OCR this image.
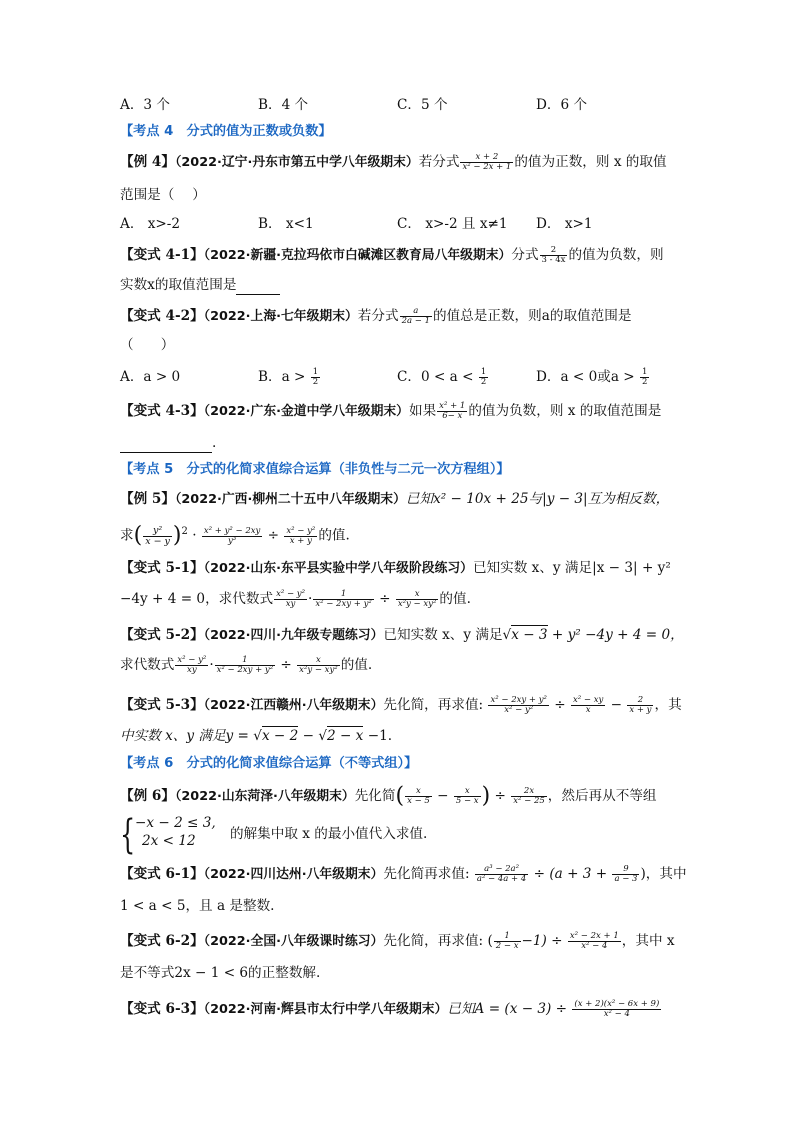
A．3 个	B．4 个	C．5 个	D．6 个
【考点 4　分式的值为正数或负数】
【例 4】（2022·辽宁·丹东市第五中学八年级期末）若分式 $\frac{x + 2}{\text{x² − 2x + 1}}$ 的值为正数，则 x 的取值
范围是（　 ）
A． x>-2	B． x<1	C． x>-2 且 x≠1 D． x>1
【变式 4-1】（2022·新疆·克拉玛依市白碱滩区教育局八年级期末）分式 $\frac{2}{3 - 4x}$ 的值为负数，则
实数x的取值范围是
【变式 4-2】（2022·上海·七年级期末）若分式 $\frac{a}{2a - 1}$ 的值总是正数，则a的取值范围是
（　　）
A．a > 0	B．$a > \frac{1}{2}$	C．$0 < a < \frac{1}{2}$	D．a < 0或$a > \frac{1}{2}$
【变式 4-3】（2022·广东·金道中学八年级期末）如果 $\frac{\text{x² + 1}}{6- x}$ 的值为负数，则 x 的取值范围是
.
【考点 5　分式的化简求值综合运算（非负性与二元一次方程组）】
【例 5】（2022·广西·柳州二十五中八年级期末）已知x² − 10x + 25与|y − 3|互为相反数，
求( $\frac{\text{y²}}{x - y} )^2 \cdot \frac{\text{x² + y² − 2xy}}{\text{y³}} \div \frac{\text{x² − y²}}{x + y}$ 的值.
【变式 5-1】（2022·山东·东平县实验中学八年级阶段练习）已知实数 x、y 满足|x − 3| + y²
−4y + 4 = 0，求代数式 $\frac{\text{x² − y²}}{xy} \cdot \frac{1}{\text{x² − 2xy + y²}} \div \frac{x}{\text{x²y − xy²}}$ 的值.
【变式 5-2】（2022·四川·九年级专题练习）已知实数 x、y 满足√x − 3 + y² −4y + 4 = 0，
求代数式 $\frac{\text{x² − y²}}{xy} \cdot \frac{1}{\text{x² − 2xy + y²}} \div \frac{x}{\text{x²y − xy²}}$ 的值.
【变式 5-3】（2022·江西赣州·八年级期末）先化简，再求值: $\frac{\text{x² − 2xy + y²}}{\text{x² − y²}} \div \frac{\text{x² − xy}}{x} - \frac{2}{x + y}$ ，其
中实数 x、y 满足y = √x − 2 − √2 − x −1.
【考点 6　分式的化简求值综合运算（不等式组）】
【例 6】（2022·山东菏泽·八年级期末）先化简( $\frac{x}{x - 5} - \frac{x}{5 - x}$ ) ÷ $\frac{2x}{\text{x² − 25}}$ ，然后再从不等组
{ −x − 2 ≤ 3,
2x < 12	的解集中取 x 的最小值代入求值.
【变式 6-1】（2022·四川达州·八年级期末）先化简再求值: $\frac{\text{a³ − 2a²}}{\text{a² − 4a + 4}} \div (a + 3 + \frac{9}{a - 3}$ )，其中
1 < a < 5，且 a 是整数.
【变式 6-2】（2022·全国·八年级课时练习）先化简，再求值: ( $\frac{1}{2 - x} -1) \div \frac{\text{x² − 2x + 1}}{\text{x² − 4}}$ ，其中 x
是不等式2x − 1 < 6的正整数解.
【变式 6-3】（2022·河南·辉县市太行中学八年级期末）已知$A = (x - 3) \div \frac{\text{(x + 2)(x² − 6x + 9)}}{\text{x² − 4}}$
